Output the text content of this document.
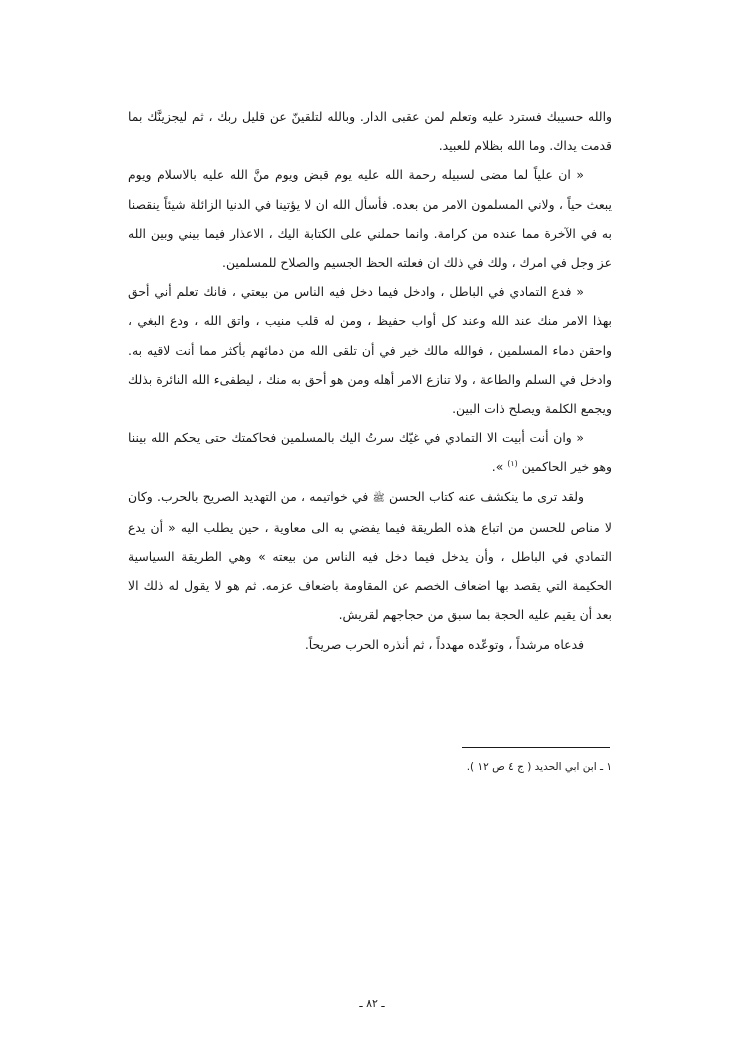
والله حسيبك فسترد عليه وتعلم لمن عقبى الدار. وبالله لتلقينّ عن قليل ربك ، ثم ليجزينَّك بما قدمت يداك. وما الله بظلام للعبيد.

« ان علياً لما مضى لسبيله رحمة الله عليه يوم قبض ويوم منَّ الله عليه بالاسلام ويوم يبعث حياً ، ولاني المسلمون الامر من بعده. فأسأل الله ان لا يؤتينا في الدنيا الزائلة شيئاً ينقصنا به في الآخرة مما عنده من كرامة. وانما حملني على الكتابة اليك ، الاعذار فيما بيني وبين الله عز وجل في امرك ، ولك في ذلك ان فعلته الحظ الجسيم والصلاح للمسلمين.

« فدع التمادي في الباطل ، وادخل فيما دخل فيه الناس من بيعتي ، فانك تعلم أني أحق بهذا الامر منك عند الله وعند كل أواب حفيظ ، ومن له قلب منيب ، واتق الله ، ودع البغي ، واحقن دماء المسلمين ، فوالله مالك خير في أن تلقى الله من دمائهم بأكثر مما أنت لاقيه به. وادخل في السلم والطاعة ، ولا تنازع الامر أهله ومن هو أحق به منك ، ليطفىء الله النائرة بذلك ويجمع الكلمة ويصلح ذات البين.

« وان أنت أبيت الا التمادي في غيّك سرتُ اليك بالمسلمين فحاكمتك حتى يحكم الله بيننا وهو خير الحاكمين $^{(١)}$ ».

ولقد ترى ما ينكشف عنه كتاب الحسن ﷺ في خواتيمه ، من التهديد الصريح بالحرب. وكان لا مناص للحسن من اتباع هذه الطريقة فيما يفضي به الى معاوية ، حين يطلب اليه « أن يدع التمادي في الباطل ، وأن يدخل فيما دخل فيه الناس من بيعته » وهي الطريقة السياسية الحكيمة التي يقصد بها اضعاف الخصم عن المقاومة باضعاف عزمه. ثم هو لا يقول له ذلك الا بعد أن يقيم عليه الحجة بما سبق من حجاجهم لقريش.

فدعاه مرشداً ، وتوعّده مهدداً ، ثم أنذره الحرب صريحاً.

١ ـ ابن ابي الحديد ( ج ٤ ص ١٢ ).
ـ ٨٢ ـ
